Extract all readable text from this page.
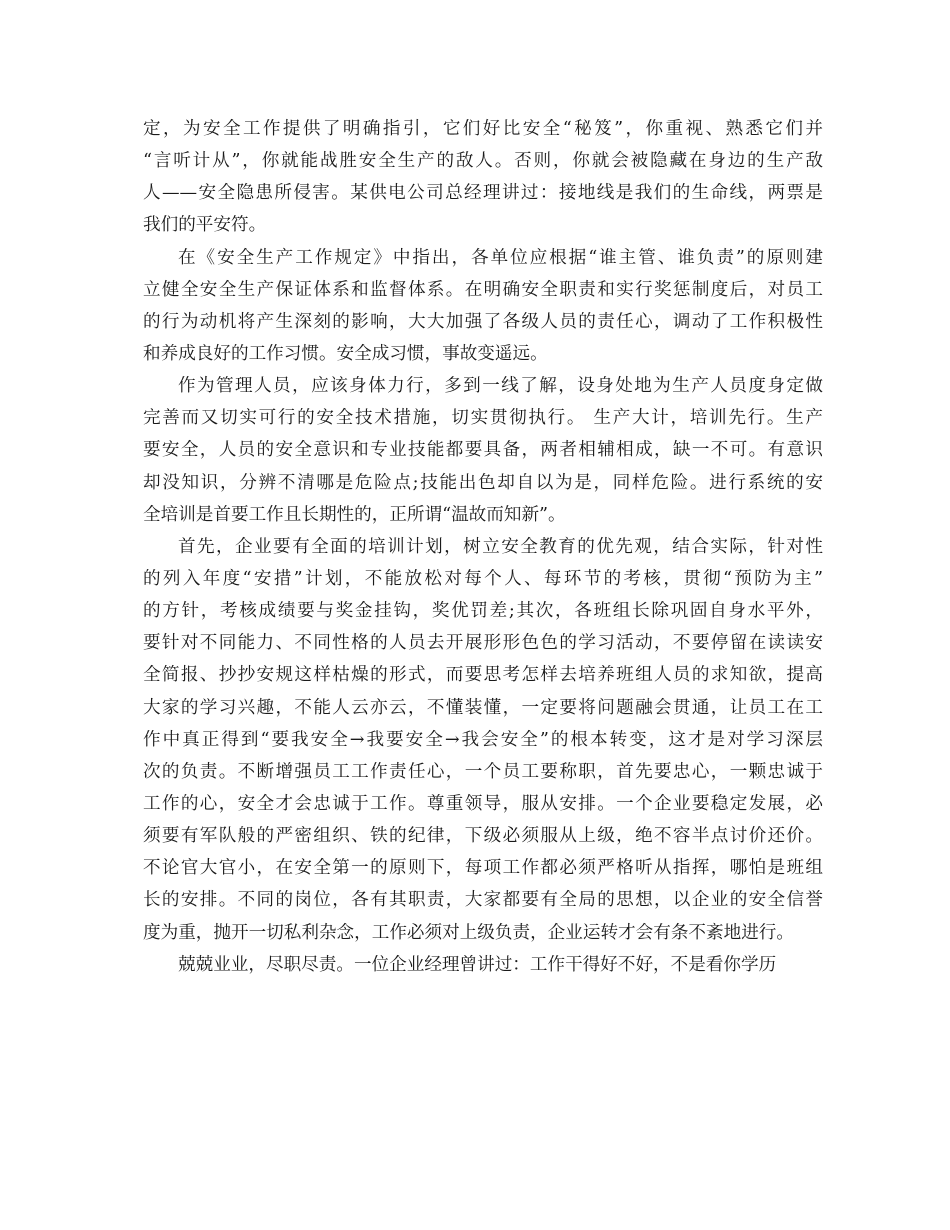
定，为安全工作提供了明确指引，它们好比安全“秘笈”，你重视、熟悉它们并
“言听计从”，你就能战胜安全生产的敌人。否则，你就会被隐藏在身边的生产敌
人——安全隐患所侵害。某供电公司总经理讲过：接地线是我们的生命线，两票是
我们的平安符。
在《安全生产工作规定》中指出，各单位应根据“谁主管、谁负责”的原则建
立健全安全生产保证体系和监督体系。在明确安全职责和实行奖惩制度后，对员工
的行为动机将产生深刻的影响，大大加强了各级人员的责任心，调动了工作积极性
和养成良好的工作习惯。安全成习惯，事故变遥远。
作为管理人员，应该身体力行，多到一线了解，设身处地为生产人员度身定做
完善而又切实可行的安全技术措施，切实贯彻执行。 生产大计，培训先行。生产
要安全，人员的安全意识和专业技能都要具备，两者相辅相成，缺一不可。有意识
却没知识，分辨不清哪是危险点;技能出色却自以为是，同样危险。进行系统的安
全培训是首要工作且长期性的，正所谓“温故而知新”。
首先，企业要有全面的培训计划，树立安全教育的优先观，结合实际，针对性
的列入年度“安措”计划，不能放松对每个人、每环节的考核，贯彻“预防为主”
的方针，考核成绩要与奖金挂钩，奖优罚差;其次，各班组长除巩固自身水平外，
要针对不同能力、不同性格的人员去开展形形色色的学习活动，不要停留在读读安
全简报、抄抄安规这样枯燥的形式，而要思考怎样去培养班组人员的求知欲，提高
大家的学习兴趣，不能人云亦云，不懂装懂，一定要将问题融会贯通，让员工在工
作中真正得到“要我安全→我要安全→我会安全”的根本转变，这才是对学习深层
次的负责。不断增强员工工作责任心，一个员工要称职，首先要忠心，一颗忠诚于
工作的心，安全才会忠诚于工作。尊重领导，服从安排。一个企业要稳定发展，必
须要有军队般的严密组织、铁的纪律，下级必须服从上级，绝不容半点讨价还价。
不论官大官小，在安全第一的原则下，每项工作都必须严格听从指挥，哪怕是班组
长的安排。不同的岗位，各有其职责，大家都要有全局的思想，以企业的安全信誉
度为重，抛开一切私利杂念，工作必须对上级负责，企业运转才会有条不紊地进行。
兢兢业业，尽职尽责。一位企业经理曾讲过：工作干得好不好，不是看你学历
